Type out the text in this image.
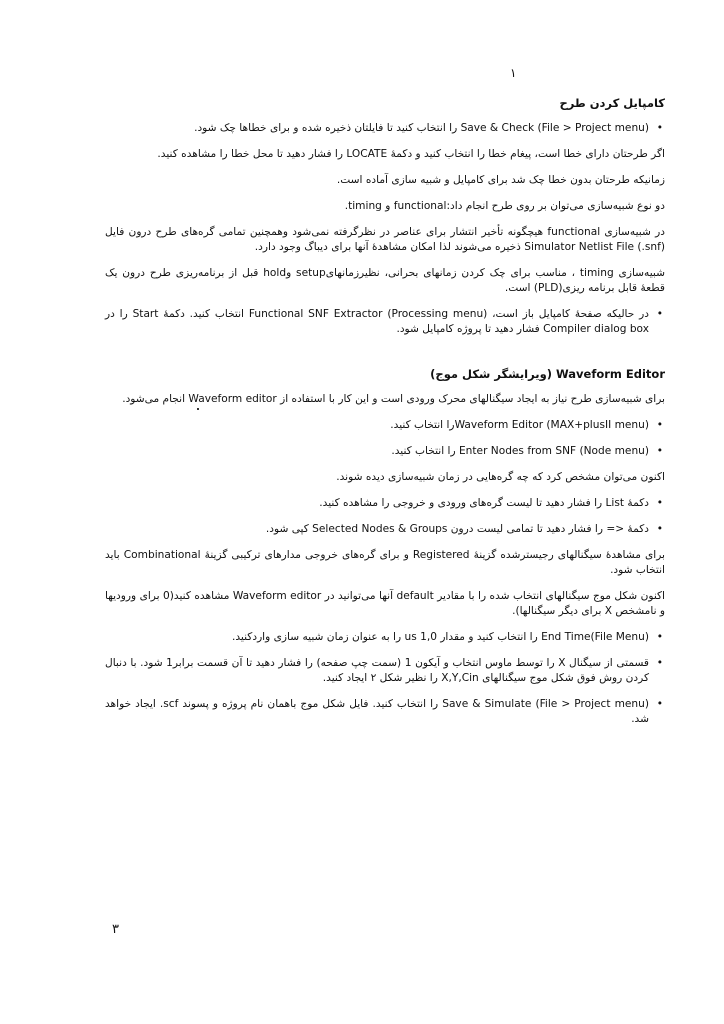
۱
کامپایل کردن طرح
• Save & Check (File > Project menu) را انتخاب کنید تا فایلتان ذخیره شده و برای خطاها چک شود.
اگر طرحتان دارای خطا است، پیغام خطا را انتخاب کنید و دکمهٔ LOCATE را فشار دهید تا محل خطا را مشاهده کنید.
زمانیکه طرحتان بدون خطا چک شد برای کامپایل و شبیه سازی آماده است.
دو نوع شبیه‌سازی می‌توان بر روی طرح انجام داد:functional و timing.
در شبیه‌سازی functional هیچگونه تأخیر انتشار برای عناصر در نظرگرفته نمی‌شود وهمچنین تمامی گره‌های طرح درون فایل Simulator Netlist File (.snf) ذخیره می‌شوند لذا امکان مشاهدهٔ آنها برای دیباگ وجود دارد.
شبیه‌سازی timing ، مناسب برای چک کردن زمانهای بحرانی، نظیرزمانهایsetup وhold قبل از برنامه‌ریزی طرح درون یک قطعهٔ قابل برنامه ریزی(PLD) است.
• در حالیکه صفحهٔ کامپایل باز است، Functional SNF Extractor (Processing menu) انتخاب کنید. دکمهٔ Start را در Compiler dialog box فشار دهید تا پروژه کامپایل شود.
Waveform Editor (ویرایشگر شکل موج)
برای شبیه‌سازی طرح نیاز به ایجاد سیگنالهای محرک ورودی است و این کار با استفاده از Waveform editor انجام می‌شود.
• Waveform Editor (MAX+plusII menu)را انتخاب کنید.
• Enter Nodes from SNF (Node menu) را انتخاب کنید.
اکنون می‌توان مشخص کرد که چه گره‌هایی در زمان شبیه‌سازی دیده شوند.
• دکمهٔ List را فشار دهید تا لیست گره‌های ورودی و خروجی را مشاهده کنید.
• دکمهٔ <= را فشار دهید تا تمامی لیست درون Selected Nodes & Groups کپی شود.
برای مشاهدهٔ سیگنالهای رجیسترشده گزینهٔ Registered و برای گره‌های خروجی مدارهای ترکیبی گزینهٔ Combinational باید انتخاب شود.
اکنون شکل موج سیگنالهای انتخاب شده را با مقادیر default آنها می‌توانید در Waveform editor مشاهده کنید(0 برای ورودیها و نامشخص X برای دیگر سیگنالها).
• End Time(File Menu) را انتخاب کنید و مقدار 1,0 us را به عنوان زمان شبیه سازی واردکنید.
• قسمتی از سیگنال X را توسط ماوس انتخاب و آیکون 1 (سمت چپ صفحه) را فشار دهید تا آن قسمت برابر1 شود. با دنبال کردن روش فوق شکل موج سیگنالهای X,Y,Cin را نظیر شکل ۲ ایجاد کنید.
• Save & Simulate (File > Project menu) را انتخاب کنید. فایل شکل موج باهمان نام پروژه و پسوند scf. ایجاد خواهد شد.
۳
